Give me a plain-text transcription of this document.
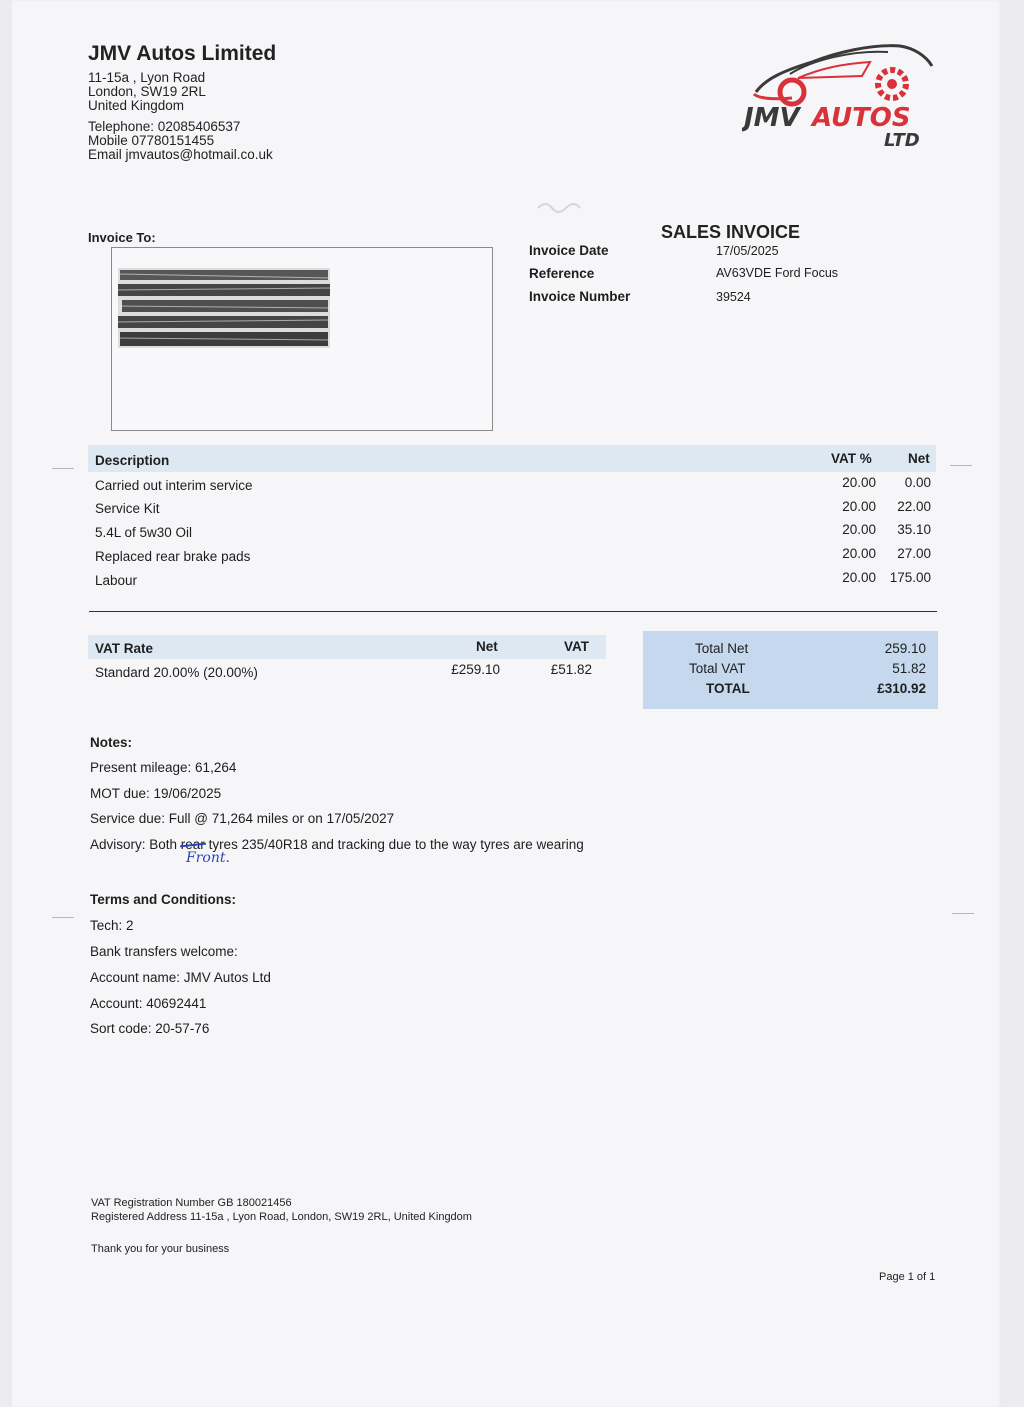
JMV Autos Limited
11-15a , Lyon Road
London, SW19 2RL
United Kingdom
Telephone: 02085406537
Mobile 07780151455
Email jmvautos@hotmail.co.uk
JMV AUTOS
LTD
Invoice To:	SALES INVOICE
Invoice Date	17/05/2025
Reference	AV63VDE Ford Focus
Invoice Number	39524
Description	VAT %	Net
Carried out interim service	20.00	0.00
Service Kit	20.00	22.00
5.4L of 5w30 Oil	20.00	35.10
Replaced rear brake pads	20.00	27.00
Labour	20.00	175.00
VAT Rate	Net	VAT
Standard 20.00% (20.00%)	£259.10	£51.82
Total Net	259.10
Total VAT	51.82
TOTAL	£310.92
Notes:
Present mileage: 61,264
MOT due: 19/06/2025
Service due: Full @ 71,264 miles or on 17/05/2027
Advisory: Both rear tyres 235/40R18 and tracking due to the way tyres are wearing
Front.
Terms and Conditions:
Tech: 2
Bank transfers welcome:
Account name: JMV Autos Ltd
Account: 40692441
Sort code: 20-57-76
VAT Registration Number GB 180021456
Registered Address 11-15a , Lyon Road, London, SW19 2RL, United Kingdom
Thank you for your business
Page 1 of 1
